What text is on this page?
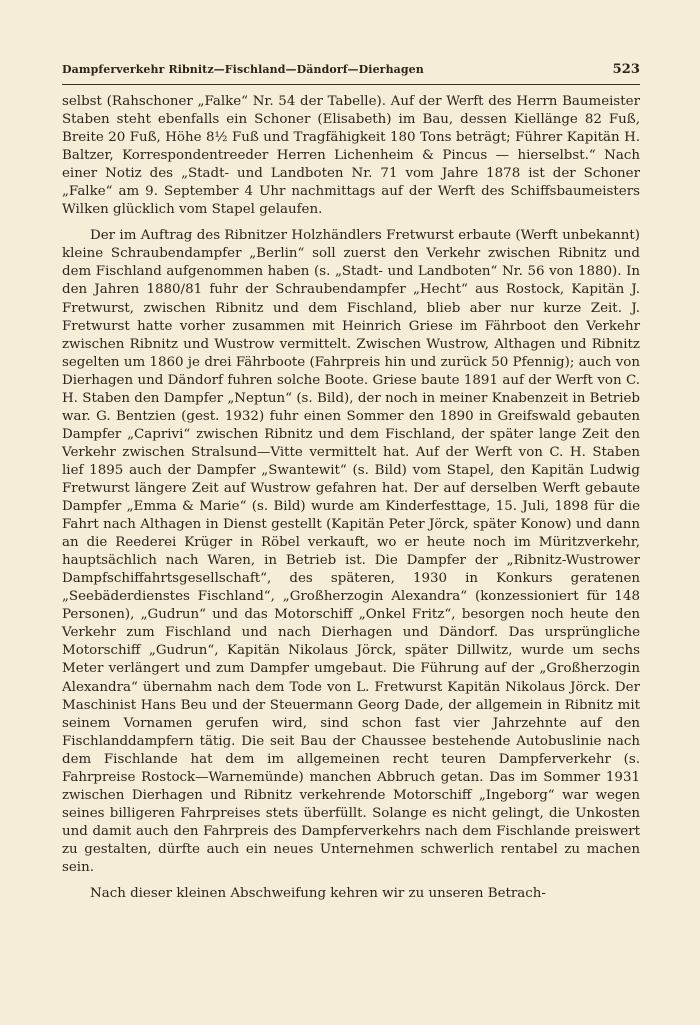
Dampferverkehr Ribnitz—Fischland—Dändorf—Dierhagen	523

selbst (Rahschoner „Falke“ Nr. 54 der Tabelle). Auf der Werft des Herrn Baumeister Staben steht ebenfalls ein Schoner (Elisabeth) im Bau, dessen Kiellänge 82 Fuß, Breite 20 Fuß, Höhe 8½ Fuß und Tragfähigkeit 180 Tons beträgt; Führer Kapitän H. Baltzer, Korrespondentreeder Herren Lichenheim & Pincus — hierselbst.“ Nach einer Notiz des „Stadt- und Landboten Nr. 71 vom Jahre 1878 ist der Schoner „Falke“ am 9. September 4 Uhr nachmittags auf der Werft des Schiffsbaumeisters Wilken glücklich vom Stapel gelaufen.

Der im Auftrag des Ribnitzer Holzhändlers Fretwurst erbaute (Werft unbekannt) kleine Schraubendampfer „Berlin“ soll zuerst den Verkehr zwischen Ribnitz und dem Fischland aufgenommen haben (s. „Stadt- und Landboten“ Nr. 56 von 1880). In den Jahren 1880/81 fuhr der Schraubendampfer „Hecht“ aus Rostock, Kapitän J. Fretwurst, zwischen Ribnitz und dem Fischland, blieb aber nur kurze Zeit. J. Fretwurst hatte vorher zusammen mit Heinrich Griese im Fährboot den Verkehr zwischen Ribnitz und Wustrow vermittelt. Zwischen Wustrow, Althagen und Ribnitz segelten um 1860 je drei Fährboote (Fahrpreis hin und zurück 50 Pfennig); auch von Dierhagen und Dändorf fuhren solche Boote. Griese baute 1891 auf der Werft von C. H. Staben den Dampfer „Neptun“ (s. Bild), der noch in meiner Knabenzeit in Betrieb war. G. Bentzien (gest. 1932) fuhr einen Sommer den 1890 in Greifswald gebauten Dampfer „Caprivi“ zwischen Ribnitz und dem Fischland, der später lange Zeit den Verkehr zwischen Stralsund—Vitte vermittelt hat. Auf der Werft von C. H. Staben lief 1895 auch der Dampfer „Swantewit“ (s. Bild) vom Stapel, den Kapitän Ludwig Fretwurst längere Zeit auf Wustrow gefahren hat. Der auf derselben Werft gebaute Dampfer „Emma & Marie“ (s. Bild) wurde am Kinderfesttage, 15. Juli, 1898 für die Fahrt nach Althagen in Dienst gestellt (Kapitän Peter Jörck, später Konow) und dann an die Reederei Krüger in Röbel verkauft, wo er heute noch im Müritzverkehr, hauptsächlich nach Waren, in Betrieb ist. Die Dampfer der „Ribnitz-Wustrower Dampfschiffahrtsgesellschaft“, des späteren, 1930 in Konkurs geratenen „Seebäderdienstes Fischland“, „Großherzogin Alexandra“ (konzessioniert für 148 Personen), „Gudrun“ und das Motorschiff „Onkel Fritz“, besorgen noch heute den Verkehr zum Fischland und nach Dierhagen und Dändorf. Das ursprüngliche Motorschiff „Gudrun“, Kapitän Nikolaus Jörck, später Dillwitz, wurde um sechs Meter verlängert und zum Dampfer umgebaut. Die Führung auf der „Großherzogin Alexandra“ übernahm nach dem Tode von L. Fretwurst Kapitän Nikolaus Jörck. Der Maschinist Hans Beu und der Steuermann Georg Dade, der allgemein in Ribnitz mit seinem Vornamen gerufen wird, sind schon fast vier Jahrzehnte auf den Fischlanddampfern tätig. Die seit Bau der Chaussee bestehende Autobuslinie nach dem Fischlande hat dem im allgemeinen recht teuren Dampferverkehr (s. Fahrpreise Rostock—Warnemünde) manchen Abbruch getan. Das im Sommer 1931 zwischen Dierhagen und Ribnitz verkehrende Motorschiff „Ingeborg“ war wegen seines billigeren Fahrpreises stets überfüllt. Solange es nicht gelingt, die Unkosten und damit auch den Fahrpreis des Dampferverkehrs nach dem Fischlande preiswert zu gestalten, dürfte auch ein neues Unternehmen schwerlich rentabel zu machen sein.

Nach dieser kleinen Abschweifung kehren wir zu unseren Betrach-
